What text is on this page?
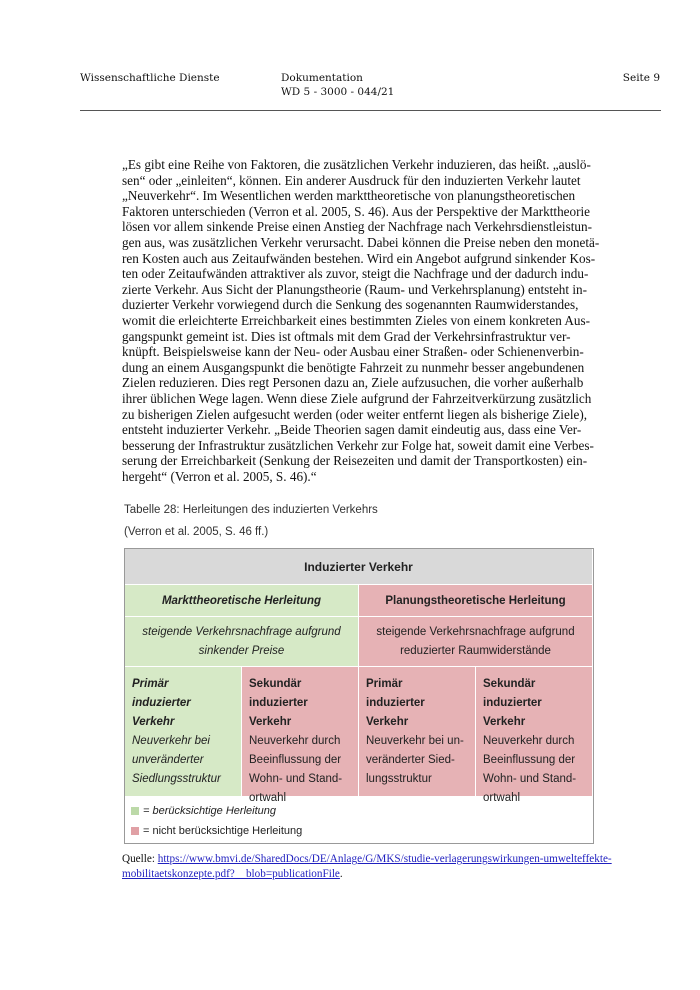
Wissenschaftliche Dienste	Dokumentation
WD 5 - 3000 - 044/21
Seite 9
„Es gibt eine Reihe von Faktoren, die zusätzlichen Verkehr induzieren, das heißt. „auslö-
sen“ oder „einleiten“, können. Ein anderer Ausdruck für den induzierten Verkehr lautet
„Neuverkehr“. Im Wesentlichen werden markttheoretische von planungstheoretischen
Faktoren unterschieden (Verron et al. 2005, S. 46). Aus der Perspektive der Markttheorie
lösen vor allem sinkende Preise einen Anstieg der Nachfrage nach Verkehrsdienstleistun-
gen aus, was zusätzlichen Verkehr verursacht. Dabei können die Preise neben den monetä-
ren Kosten auch aus Zeitaufwänden bestehen. Wird ein Angebot aufgrund sinkender Kos-
ten oder Zeitaufwänden attraktiver als zuvor, steigt die Nachfrage und der dadurch indu-
zierte Verkehr. Aus Sicht der Planungstheorie (Raum- und Verkehrsplanung) entsteht in-
duzierter Verkehr vorwiegend durch die Senkung des sogenannten Raumwiderstandes,
womit die erleichterte Erreichbarkeit eines bestimmten Zieles von einem konkreten Aus-
gangspunkt gemeint ist. Dies ist oftmals mit dem Grad der Verkehrsinfrastruktur ver-
knüpft. Beispielsweise kann der Neu- oder Ausbau einer Straßen- oder Schienenverbin-
dung an einem Ausgangspunkt die benötigte Fahrzeit zu nunmehr besser angebundenen
Zielen reduzieren. Dies regt Personen dazu an, Ziele aufzusuchen, die vorher außerhalb
ihrer üblichen Wege lagen. Wenn diese Ziele aufgrund der Fahrzeitverkürzung zusätzlich
zu bisherigen Zielen aufgesucht werden (oder weiter entfernt liegen als bisherige Ziele),
entsteht induzierter Verkehr. „Beide Theorien sagen damit eindeutig aus, dass eine Ver-
besserung der Infrastruktur zusätzlichen Verkehr zur Folge hat, soweit damit eine Verbes-
serung der Erreichbarkeit (Senkung der Reisezeiten und damit der Transportkosten) ein-
hergeht“ (Verron et al. 2005, S. 46).“
Tabelle 28: Herleitungen des induzierten Verkehrs
(Verron et al. 2005, S. 46 ff.)
Induzierter Verkehr
Markttheoretische Herleitung	Planungstheoretische Herleitung
steigende Verkehrsnachfrage aufgrund
sinkender Preise
steigende Verkehrsnachfrage aufgrund
reduzierter Raumwiderstände
Primär
induzierter Verkehr
Neuverkehr bei
unveränderter
Siedlungsstruktur
Sekundär
induzierter Verkehr
Neuverkehr durch
Beeinflussung der
Wohn- und Stand-
ortwahl
Primär
induzierter Verkehr
Neuverkehr bei un-
veränderter Sied-
lungsstruktur
Sekundär
induzierter Verkehr
Neuverkehr durch
Beeinflussung der
Wohn- und Stand-
ortwahl
= berücksichtige Herleitung
= nicht berücksichtige Herleitung
Quelle: https://www.bmvi.de/SharedDocs/DE/Anlage/G/MKS/studie-verlagerungswirkungen-umwelteffekte-
mobilitaetskonzepte.pdf?__blob=publicationFile.
